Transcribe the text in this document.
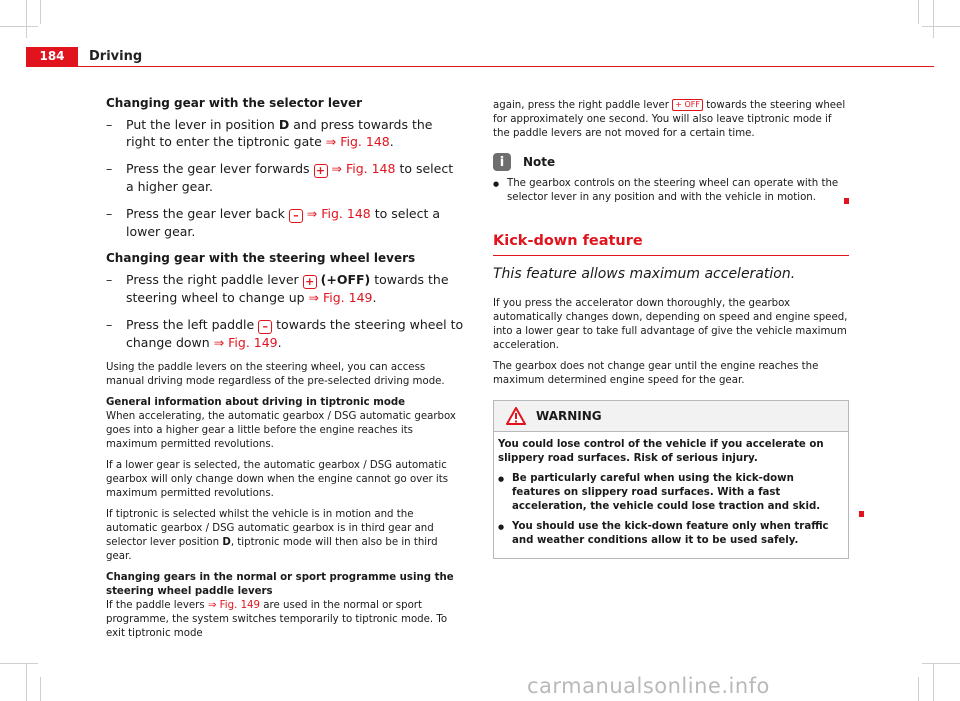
184	Driving
Changing gear with the selector lever
– Put the lever in position D and press towards the right to enter the tiptronic gate ⇒ Fig. 148.
– Press the gear lever forwards + ⇒ Fig. 148 to select a higher gear.
– Press the gear lever back – ⇒ Fig. 148 to select a lower gear.
Changing gear with the steering wheel levers
– Press the right paddle lever + (+OFF) towards the steering wheel to change up ⇒ Fig. 149.
– Press the left paddle – towards the steering wheel to change down ⇒ Fig. 149.

Using the paddle levers on the steering wheel, you can access manual driving mode regardless of the pre-selected driving mode.

General information about driving in tiptronic mode

When accelerating, the automatic gearbox / DSG automatic gearbox goes into a higher gear a little before the engine reaches its maximum permitted revolutions.

If a lower gear is selected, the automatic gearbox / DSG automatic gearbox will only change down when the engine cannot go over its maximum permitted revolutions.

If tiptronic is selected whilst the vehicle is in motion and the automatic gearbox / DSG automatic gearbox is in third gear and selector lever position D, tiptronic mode will then also be in third gear.

Changing gears in the normal or sport programme using the steering wheel paddle levers

If the paddle levers ⇒ Fig. 149 are used in the normal or sport programme, the system switches temporarily to tiptronic mode. To exit tiptronic mode

again, press the right paddle lever + OFF towards the steering wheel for approximately one second. You will also leave tiptronic mode if the paddle levers are not moved for a certain time.

i	Note
● The gearbox controls on the steering wheel can operate with the selector lever in any position and with the vehicle in motion.
Kick-down feature

This feature allows maximum acceleration.

If you press the accelerator down thoroughly, the gearbox automatically changes down, depending on speed and engine speed, into a lower gear to take full advantage of give the vehicle maximum acceleration.

The gearbox does not change gear until the engine reaches the maximum determined engine speed for the gear.

WARNING

You could lose control of the vehicle if you accelerate on slippery road surfaces. Risk of serious injury.

● Be particularly careful when using the kick-down features on slippery road surfaces. With a fast acceleration, the vehicle could lose traction and skid.
● You should use the kick-down feature only when traffic and weather conditions allow it to be used safely.
carmanualsonline.info
